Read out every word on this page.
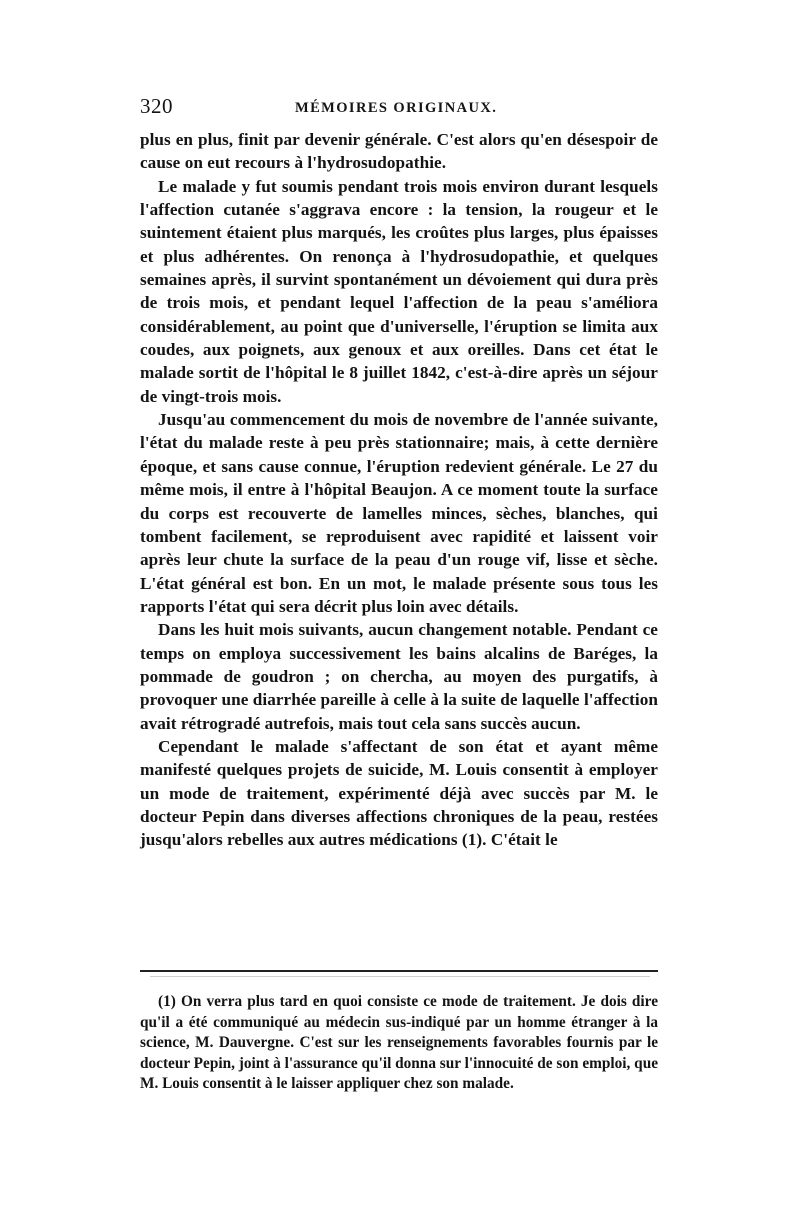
320	MÉMOIRES ORIGINAUX.

plus en plus, finit par devenir générale. C'est alors qu'en désespoir de cause on eut recours à l'hydrosudopathie.

Le malade y fut soumis pendant trois mois environ durant lesquels l'affection cutanée s'aggrava encore : la tension, la rougeur et le suintement étaient plus marqués, les croûtes plus larges, plus épaisses et plus adhérentes. On renonça à l'hydrosudopathie, et quelques semaines après, il survint spontanément un dévoiement qui dura près de trois mois, et pendant lequel l'affection de la peau s'améliora considérablement, au point que d'universelle, l'éruption se limita aux coudes, aux poignets, aux genoux et aux oreilles. Dans cet état le malade sortit de l'hôpital le 8 juillet 1842, c'est-à-dire après un séjour de vingt-trois mois.

Jusqu'au commencement du mois de novembre de l'année suivante, l'état du malade reste à peu près stationnaire; mais, à cette dernière époque, et sans cause connue, l'éruption redevient générale. Le 27 du même mois, il entre à l'hôpital Beaujon. A ce moment toute la surface du corps est recouverte de lamelles minces, sèches, blanches, qui tombent facilement, se reproduisent avec rapidité et laissent voir après leur chute la surface de la peau d'un rouge vif, lisse et sèche. L'état général est bon. En un mot, le malade présente sous tous les rapports l'état qui sera décrit plus loin avec détails.

Dans les huit mois suivants, aucun changement notable. Pendant ce temps on employa successivement les bains alcalins de Baréges, la pommade de goudron ; on chercha, au moyen des purgatifs, à provoquer une diarrhée pareille à celle à la suite de laquelle l'affection avait rétrogradé autrefois, mais tout cela sans succès aucun.

Cependant le malade s'affectant de son état et ayant même manifesté quelques projets de suicide, M. Louis consentit à employer un mode de traitement, expérimenté déjà avec succès par M. le docteur Pepin dans diverses affections chroniques de la peau, restées jusqu'alors rebelles aux autres médications (1). C'était le

(1) On verra plus tard en quoi consiste ce mode de traitement. Je dois dire qu'il a été communiqué au médecin sus-indiqué par un homme étranger à la science, M. Dauvergne. C'est sur les renseignements favorables fournis par le docteur Pepin, joint à l'assurance qu'il donna sur l'innocuité de son emploi, que M. Louis consentit à le laisser appliquer chez son malade.
